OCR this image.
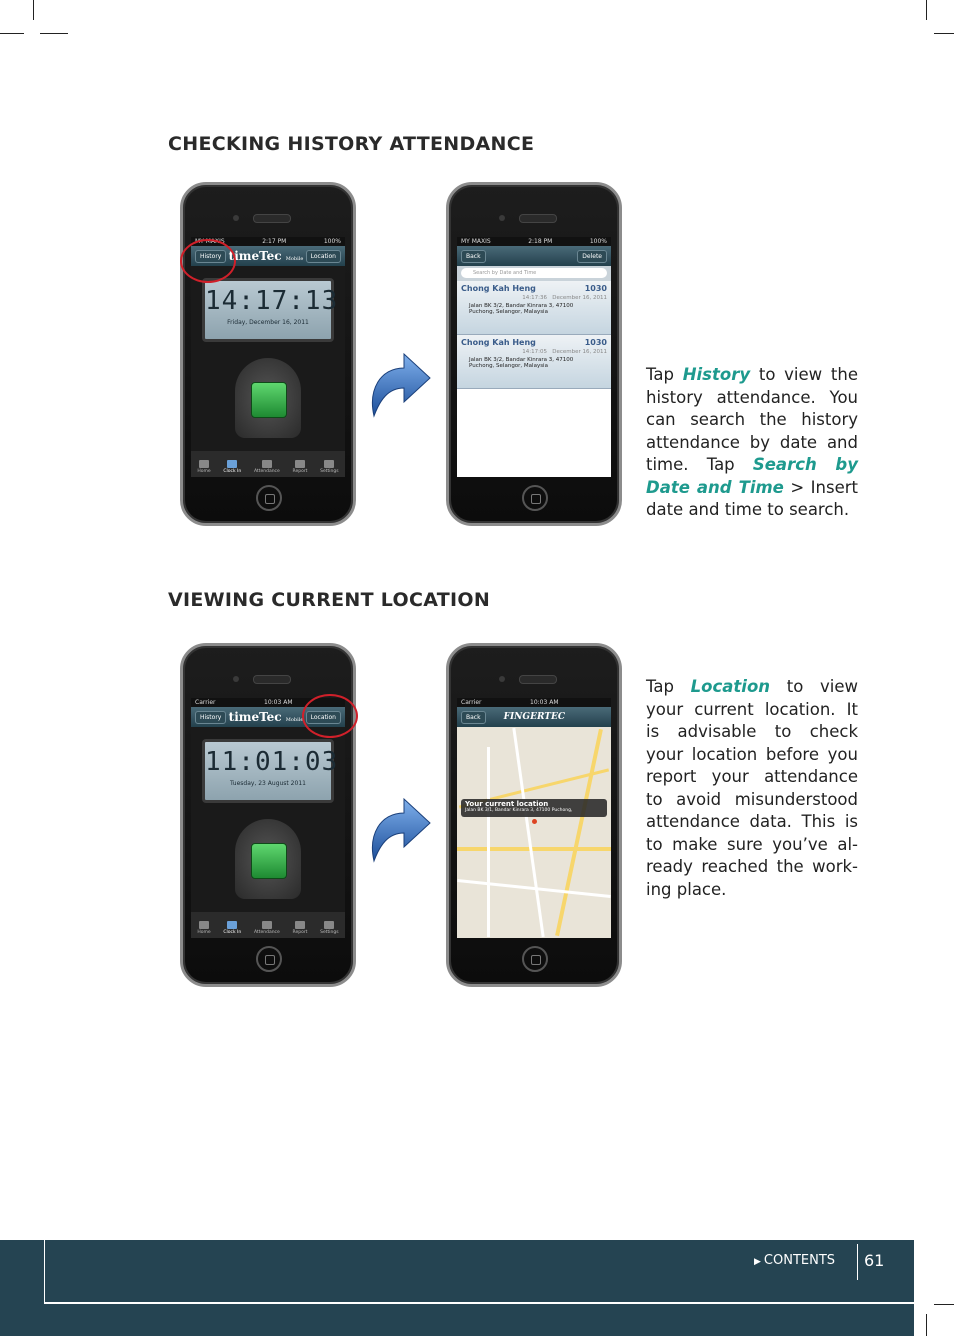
CHECKING HISTORY ATTENDANCE
MY MAXIS	2:17 PM	100%
History timeTec Mobile	Location
14:17:13
Friday, December 16, 2011
Home	Clock In	Attendance	Report	Settings
MY MAXIS	2:18 PM	100%
Back	Delete
Search by Date and Time
Chong Kah Heng	1030
14:17:36 December 16, 2011
Jalan BK 3/2, Bandar Kinrara 3, 47100
Puchong, Selangor, Malaysia
Chong Kah Heng	1030
14:17:05 December 16, 2011
Jalan BK 3/2, Bandar Kinrara 3, 47100
Puchong, Selangor, Malaysia	Tap History to view the history attendance. You can search the history attendance by date and time. Tap Search by Date and Time > Insert date and time to search.
VIEWING CURRENT LOCATION
Carrier	10:03 AM
History timeTec Mobile	Location
11:01:03
Tuesday, 23 August 2011
Home	Clock In	Attendance	Report	Settings
Carrier	10:03 AM
Back	FINGERTEC
Your current location
Jalan BK 3/1, Bandar Kinrara 3, 47100 Puchong,
Tap Location to view your current location. It is advisable to check your location before you report your attendance to avoid misunderstood attendance data. This is to make sure you’ve al-ready reached the work-ing place.
▶ CONTENTS 61
